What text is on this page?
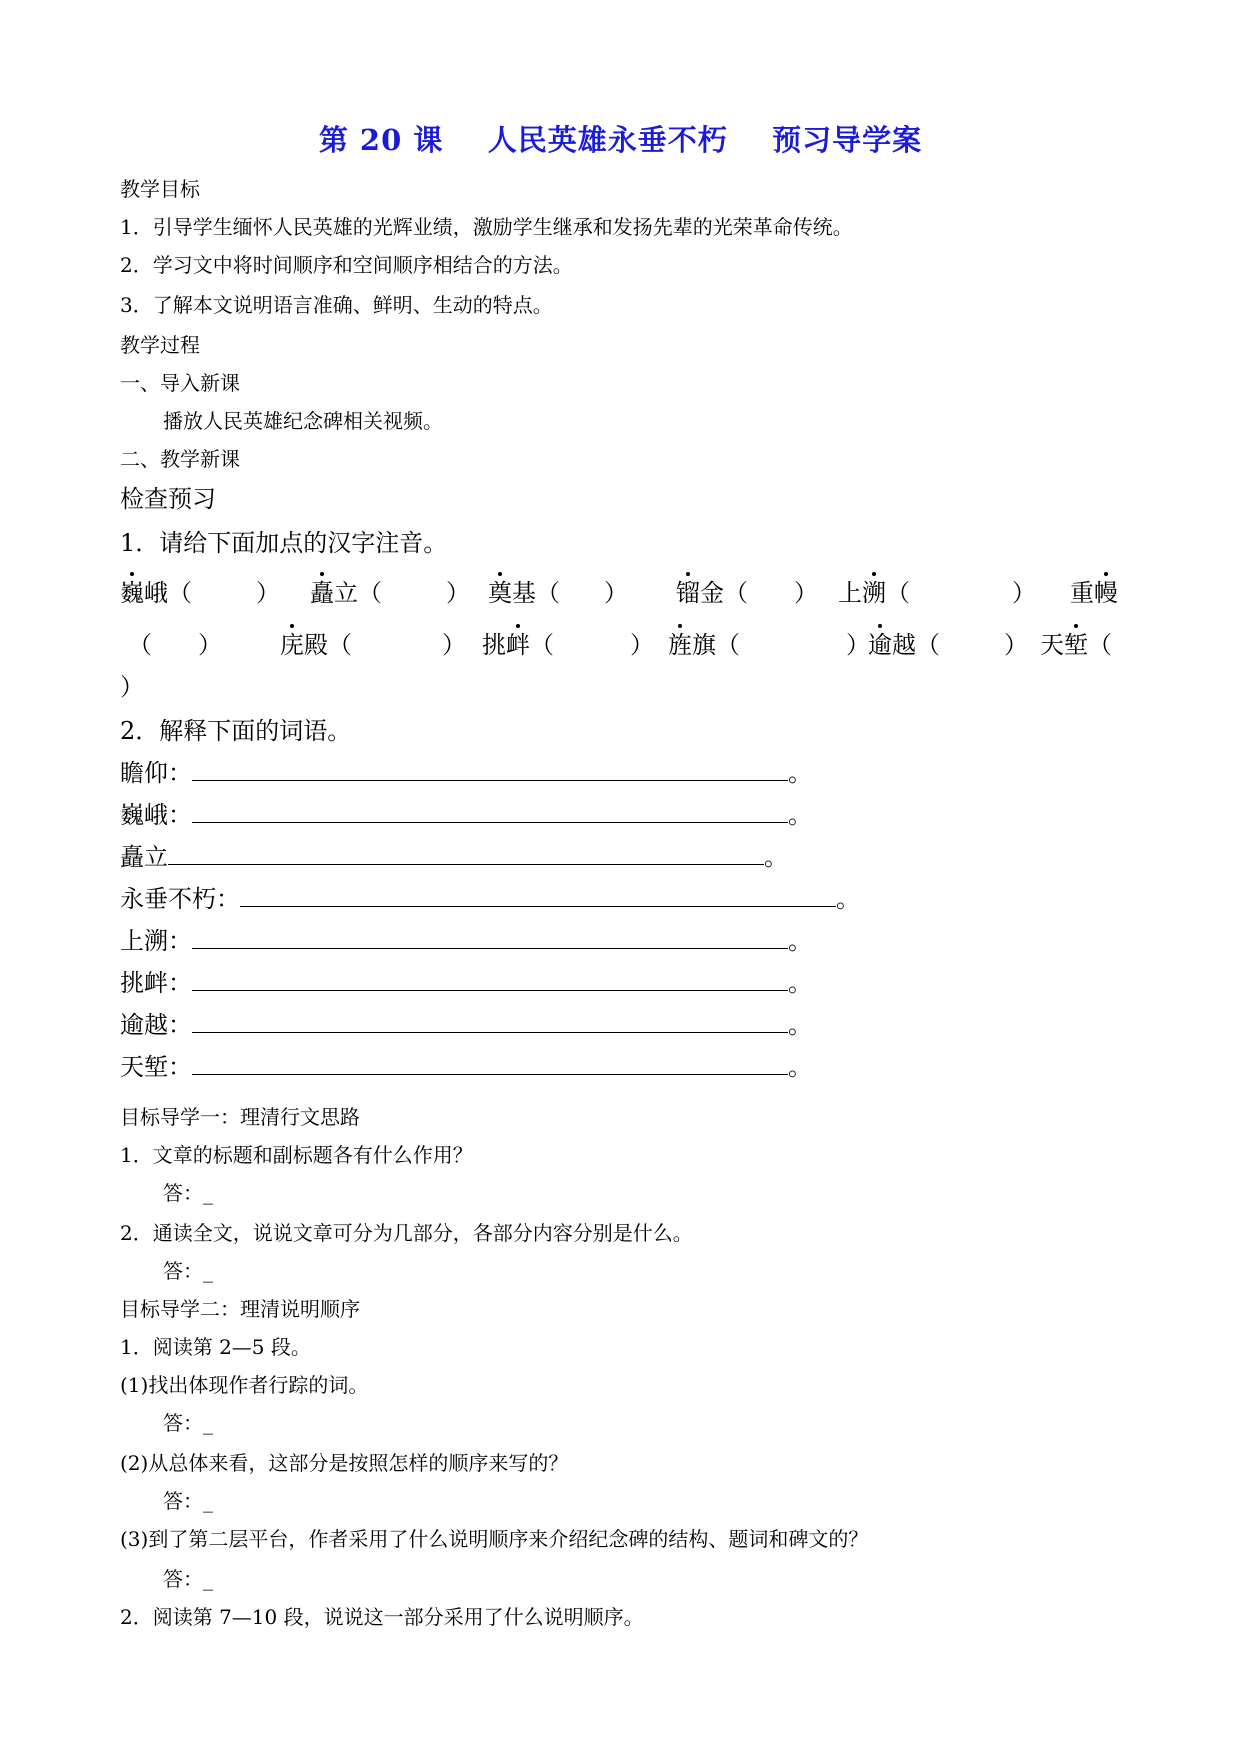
第 20 课 人民英雄永垂不朽 预习导学案
教学目标
1．引导学生缅怀人民英雄的光辉业绩，激励学生继承和发扬先辈的光荣革命传统。
2．学习文中将时间顺序和空间顺序相结合的方法。
3．了解本文说明语言准确、鲜明、生动的特点。
教学过程
一、导入新课
播放人民英雄纪念碑相关视频。
二、教学新课
检查预习
1．请给下面加点的汉字注音。
巍峨（	） 矗立（	） 奠基（ ） 镏金（ ） 上溯（	） 重幔
（ ） 庑殿（	） 挑衅（	） 旌旗（	）
逾越（	） 天堑（
）
2．解释下面的词语。
瞻仰：	。
巍峨：	。
矗立	。
永垂不朽：	。
上溯：	。
挑衅：	。
逾越：	。
天堑：	。
目标导学一：理清行文思路
1．文章的标题和副标题各有什么作用？
答：_
2．通读全文，说说文章可分为几部分，各部分内容分别是什么。
答：_
目标导学二：理清说明顺序
1．阅读第 2—5 段。
(1)找出体现作者行踪的词。
答：_
(2)从总体来看，这部分是按照怎样的顺序来写的？
答：_
(3)到了第二层平台，作者采用了什么说明顺序来介绍纪念碑的结构、题词和碑文的？
答：_
2．阅读第 7—10 段，说说这一部分采用了什么说明顺序。
